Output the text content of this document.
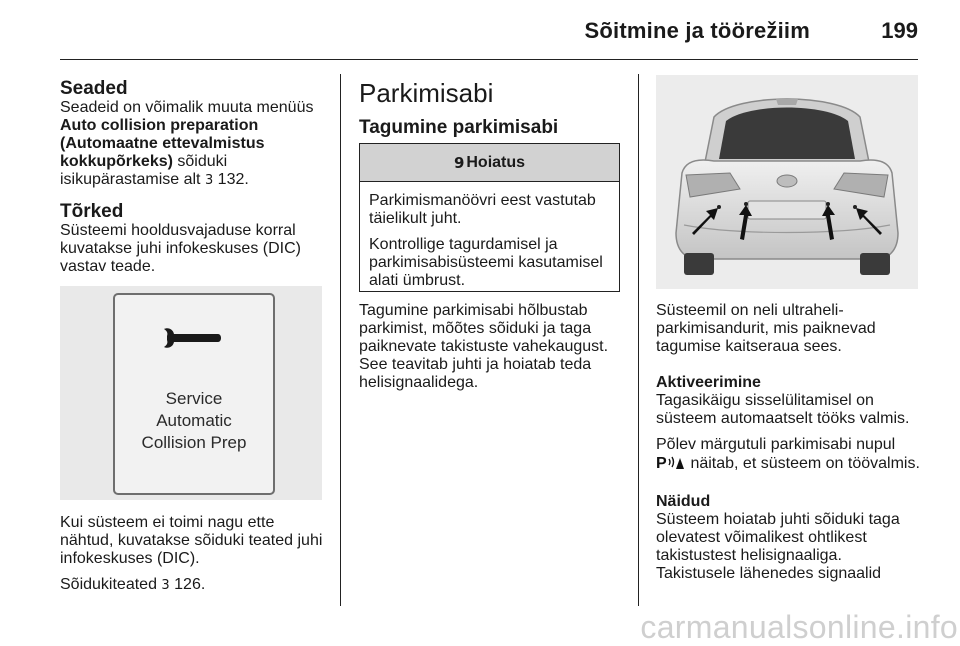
Sõitmine ja töörežiim	199

Seaded

Seadeid on võimalik muuta menüüs

Auto collision preparation

(Automaatne ettevalmistus

kokkupõrkeks) sõiduki

isikupärastamise alt 3 132.

Tõrked

Süsteemi hooldusvajaduse korral

kuvatakse juhi infokeskuses (DIC)

vastav teade.

Service
Automatic
Collision Prep

Kui süsteem ei toimi nagu ette

nähtud, kuvatakse sõiduki teated juhi

infokeskuses (DIC).

Sõidukiteated 3 126.

Parkimisabi

Tagumine parkimisabi

9 Hoiatus

Parkimismanöövri eest vastutab
täielikult juht.

Kontrollige tagurdamisel ja
parkimisabisüsteemi kasutamisel
alati ümbrust.

Tagumine parkimisabi hõlbustab

parkimist, mõõtes sõiduki ja taga

paiknevate takistuste vahekaugust.

See teavitab juhti ja hoiatab teda

helisignaalidega.

Süsteemil on neli ultraheli-

parkimisandurit, mis paiknevad

tagumise kaitseraua sees.

Aktiveerimine

Tagasikäigu sisselülitamisel on

süsteem automaatselt tööks valmis.

Põlev märgutuli parkimisabi nupul

P näitab, et süsteem on töövalmis.

Näidud

Süsteem hoiatab juhti sõiduki taga

olevatest võimalikest ohtlikest

takistustest helisignaaliga.

Takistusele lähenedes signaalid

carmanualsonline.info
